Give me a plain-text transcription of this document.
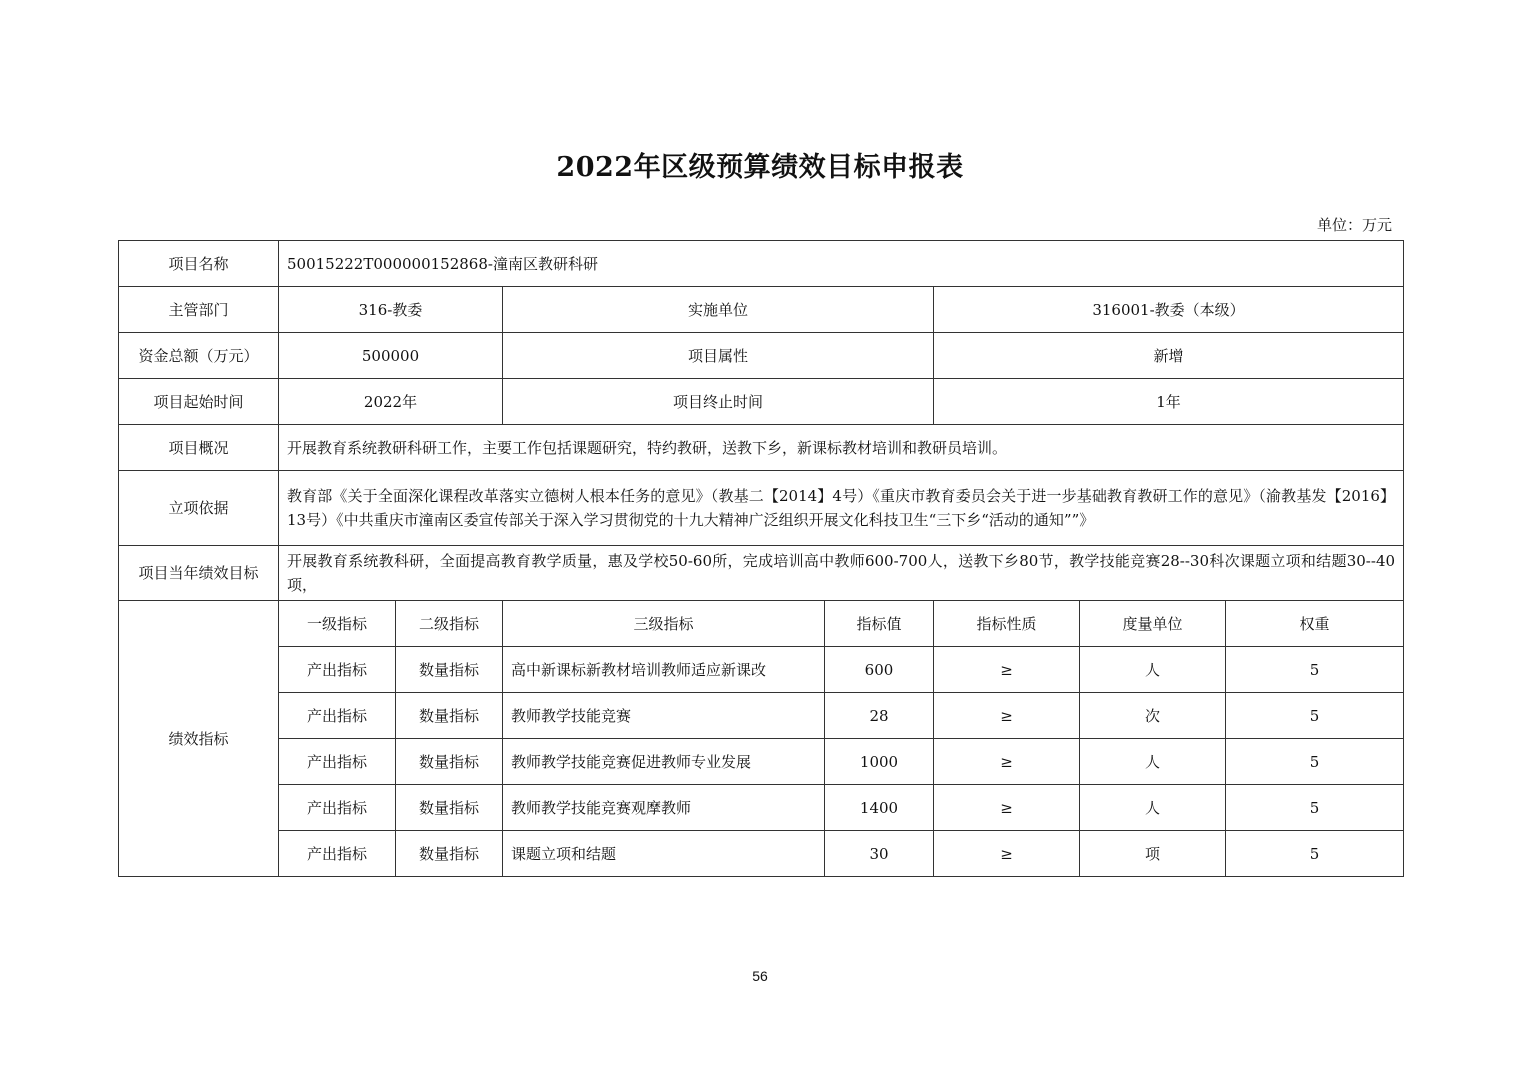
2022年区级预算绩效目标申报表
单位：万元
项目名称	50015222T000000152868-潼南区教研科研						
主管部门	316-教委		实施单位		316001-教委（本级）		
资金总额（万元）	500000		项目属性		新增		
项目起始时间	2022年		项目终止时间		1年		
项目概况	开展教育系统教研科研工作，主要工作包括课题研究，特约教研，送教下乡，新课标教材培训和教研员培训。						
立项依据	教育部《关于全面深化课程改革落实立德树人根本任务的意见》（教基二【2014】4号）《重庆市教育委员会关于进一步基础教育教研工作的意见》（渝教基发【2016】13号）《中共重庆市潼南区委宣传部关于深入学习贯彻党的十九大精神广泛组织开展文化科技卫生“三下乡“活动的通知””》						
项目当年绩效目标	开展教育系统教科研，全面提高教育教学质量，惠及学校50-60所，完成培训高中教师600-700人，送教下乡80节，教学技能竞赛28--30科次课题立项和结题30--40项，						
绩效指标	一级指标	二级指标	三级指标	指标值	指标性质	度量单位	权重
	产出指标	数量指标	高中新课标新教材培训教师适应新课改	600	≥	人	5
	产出指标	数量指标	教师教学技能竞赛	28	≥	次	5
	产出指标	数量指标	教师教学技能竞赛促进教师专业发展	1000	≥	人	5
	产出指标	数量指标	教师教学技能竞赛观摩教师	1400	≥	人	5
	产出指标	数量指标	课题立项和结题	30	≥	项	5
56
